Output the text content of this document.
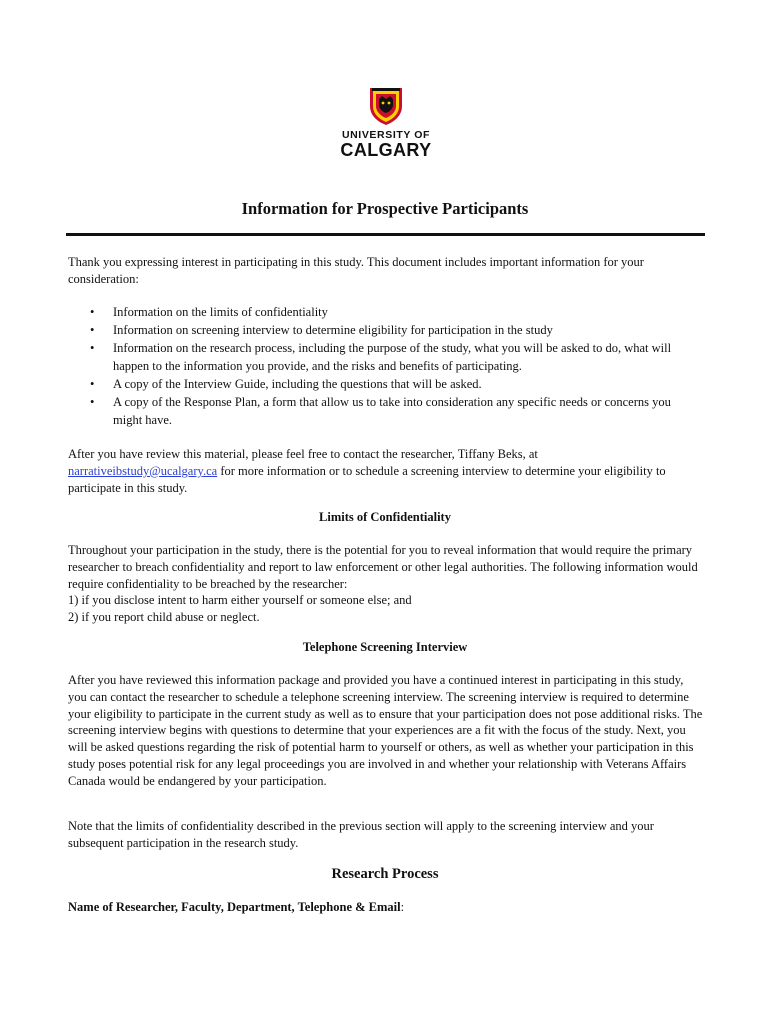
UNIVERSITY OF
CALGARY
Information for Prospective Participants

Thank you expressing interest in participating in this study. This document includes important information for your consideration:

• Information on the limits of confidentiality
• Information on screening interview to determine eligibility for participation in the study
• Information on the research process, including the purpose of the study, what you will be asked to do, what will happen to the information you provide, and the risks and benefits of participating.
• A copy of the Interview Guide, including the questions that will be asked.
• A copy of the Response Plan, a form that allow us to take into consideration any specific needs or concerns you might have.

After you have review this material, please feel free to contact the researcher, Tiffany Beks, at
narrativeibstudy@ucalgary.ca for more information or to schedule a screening interview to determine your eligibility to participate in this study.

Limits of Confidentiality

Throughout your participation in the study, there is the potential for you to reveal information that would require the primary researcher to breach confidentiality and report to law enforcement or other legal authorities. The following information would require confidentiality to be breached by the researcher:

1) if you disclose intent to harm either yourself or someone else; and

2) if you report child abuse or neglect.

Telephone Screening Interview

After you have reviewed this information package and provided you have a continued interest in participating in this study, you can contact the researcher to schedule a telephone screening interview. The screening interview is required to determine your eligibility to participate in the current study as well as to ensure that your participation does not pose additional risks. The screening interview begins with questions to determine that your experiences are a fit with the focus of the study. Next, you will be asked questions regarding the risk of potential harm to yourself or others, as well as whether your participation in this study poses potential risk for any legal proceedings you are involved in and whether your relationship with Veterans Affairs Canada would be endangered by your participation.

Note that the limits of confidentiality described in the previous section will apply to the screening interview and your subsequent participation in the research study.

Research Process

Name of Researcher, Faculty, Department, Telephone & Email:
